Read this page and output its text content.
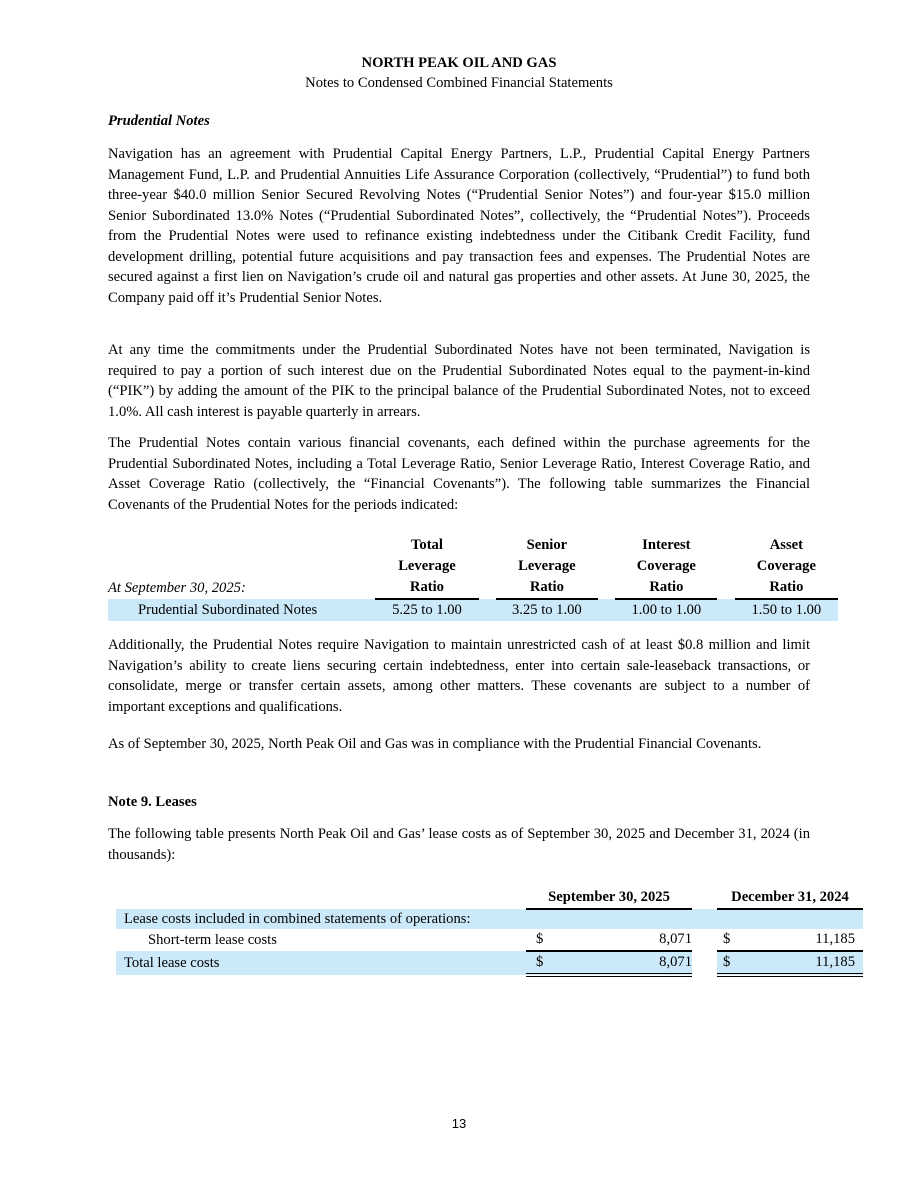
NORTH PEAK OIL AND GAS
Notes to Condensed Combined Financial Statements
Prudential Notes
Navigation has an agreement with Prudential Capital Energy Partners, L.P., Prudential Capital Energy Partners Management Fund, L.P. and Prudential Annuities Life Assurance Corporation (collectively, “Prudential”) to fund both three-year $40.0 million Senior Secured Revolving Notes (“Prudential Senior Notes”) and four-year $15.0 million Senior Subordinated 13.0% Notes (“Prudential Subordinated Notes”, collectively, the “Prudential Notes”). Proceeds from the Prudential Notes were used to refinance existing indebtedness under the Citibank Credit Facility, fund development drilling, potential future acquisitions and pay transaction fees and expenses. The Prudential Notes are secured against a first lien on Navigation’s crude oil and natural gas properties and other assets. At June 30, 2025, the Company paid off it’s Prudential Senior Notes.
At any time the commitments under the Prudential Subordinated Notes have not been terminated, Navigation is required to pay a portion of such interest due on the Prudential Subordinated Notes equal to the payment-in-kind (“PIK”) by adding the amount of the PIK to the principal balance of the Prudential Subordinated Notes, not to exceed 1.0%. All cash interest is payable quarterly in arrears.
The Prudential Notes contain various financial covenants, each defined within the purchase agreements for the Prudential Subordinated Notes, including a Total Leverage Ratio, Senior Leverage Ratio, Interest Coverage Ratio, and Asset Coverage Ratio (collectively, the “Financial Covenants”). The following table summarizes the Financial Covenants of the Prudential Notes for the periods indicated:
		Total		Senior		Interest		Asset
		Leverage		Leverage		Coverage		Coverage
At September 30, 2025:		Ratio		Ratio		Ratio		Ratio
Prudential Subordinated Notes		5.25 to 1.00		3.25 to 1.00		1.00 to 1.00		1.50 to 1.00
Additionally, the Prudential Notes require Navigation to maintain unrestricted cash of at least $0.8 million and limit Navigation’s ability to create liens securing certain indebtedness, enter into certain sale-leaseback transactions, or consolidate, merge or transfer certain assets, among other matters. These covenants are subject to a number of important exceptions and qualifications.
As of September 30, 2025, North Peak Oil and Gas was in compliance with the Prudential Financial Covenants.
Note 9. Leases
The following table presents North Peak Oil and Gas’ lease costs as of September 30, 2025 and December 31, 2024 (in thousands):
	September 30, 2025			December 31, 2024	

Lease costs included in combined statements of operations:					

Short-term lease costs	$	8,071		$	11,185
Total lease costs	$	8,071		$	11,185
13
